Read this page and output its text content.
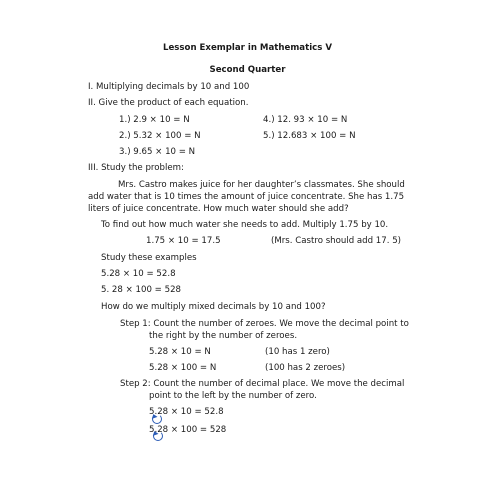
Lesson Exemplar in Mathematics V
Second Quarter
I. Multiplying decimals by 10 and 100
II. Give the product of each equation.
1.) 2.9 × 10 = N
2.) 5.32 × 100 = N
3.) 9.65 × 10 = N
4.) 12. 93 × 10 = N
5.) 12.683 × 100 = N
III. Study the problem:
Mrs. Castro makes juice for her daughter’s classmates. She should add water that is 10 times the amount of juice concentrate. She has 1.75 liters of juice concentrate. How much water should she add?
To find out how much water she needs to add. Multiply 1.75 by 10.
1.75 × 10 = 17.5	(Mrs. Castro should add 17. 5)
Study these examples
5.28 × 10 = 52.8
5. 28 × 100 = 528
How do we multiply mixed decimals by 10 and 100?
Step 1: Count the number of zeroes. We move the decimal point to
the right by the number of zeroes.
5.28 × 10 = N	(10 has 1 zero)
5.28 × 100 = N	(100 has 2 zeroes)
Step 2: Count the number of decimal place. We move the decimal
point to the left by the number of zero.
5.28 × 10 = 52.8
5.28 × 100 = 528
